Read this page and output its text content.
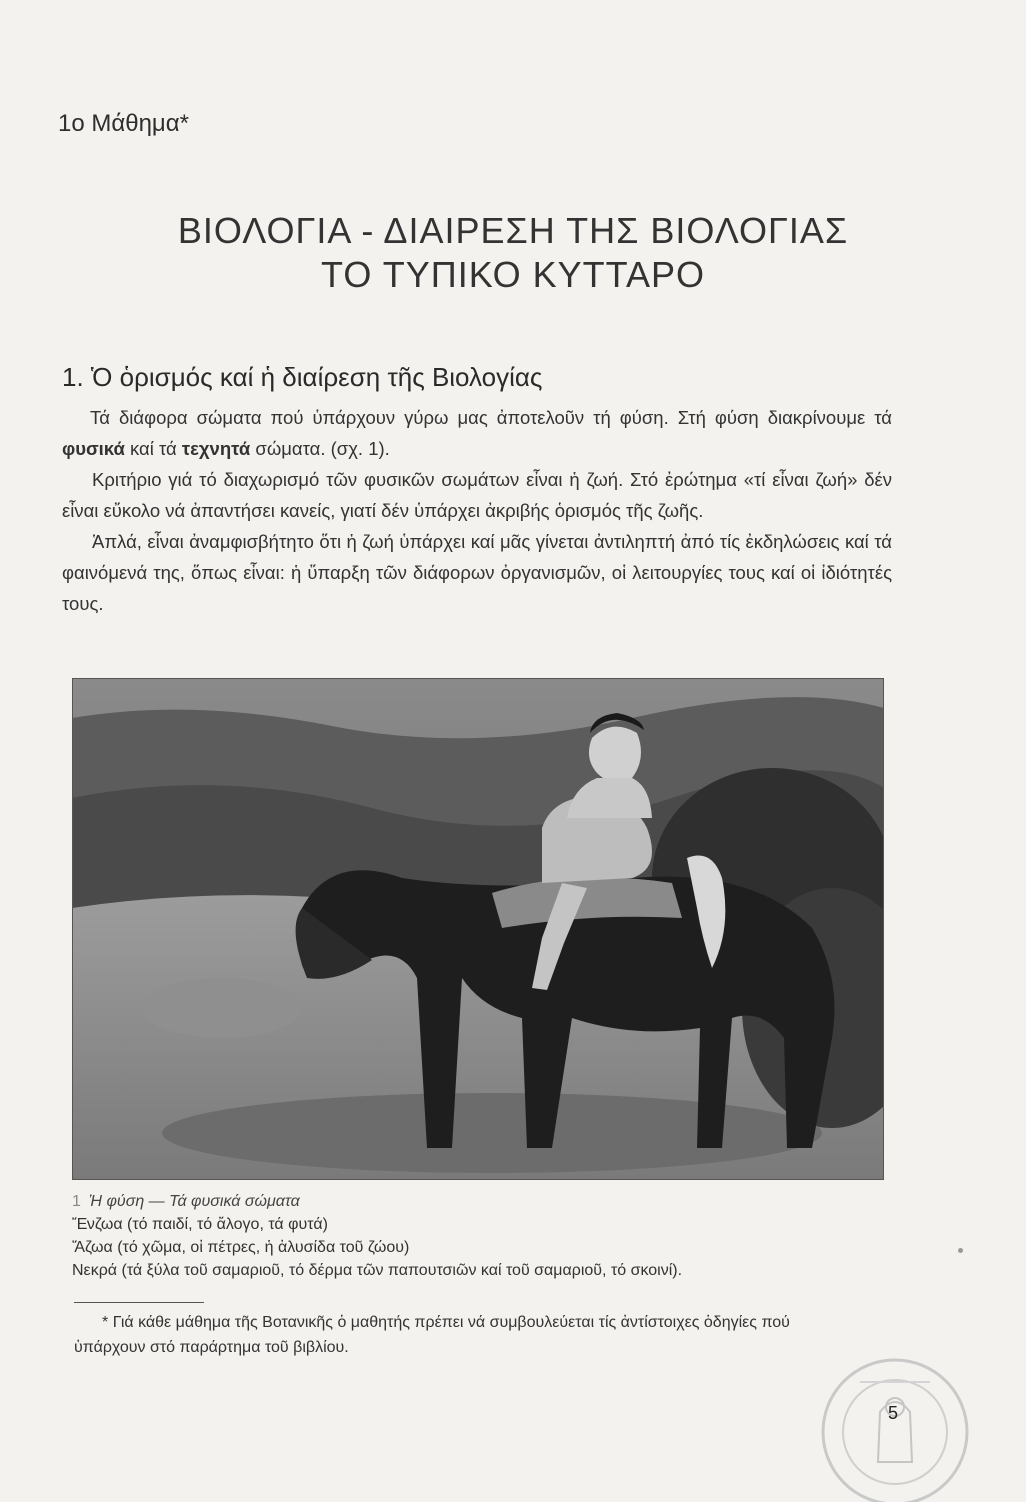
1ο Μάθημα*
ΒΙΟΛΟΓΙΑ - ΔΙΑΙΡΕΣΗ ΤΗΣ ΒΙΟΛΟΓΙΑΣ
ΤΟ ΤΥΠΙΚΟ ΚΥΤΤΑΡΟ
1. Ὁ ὁρισμός καί ἡ διαίρεση τῆς Βιολογίας

Τά διάφορα σώματα πού ὑπάρχουν γύρω μας ἀποτελοῦν τή φύση. Στή φύση διακρίνουμε τά φυσικά καί τά τεχνητά σώματα. (σχ. 1).

Κριτήριο γιά τό διαχωρισμό τῶν φυσικῶν σωμάτων εἶναι ἡ ζωή. Στό ἐρώτημα «τί εἶναι ζωή» δέν εἶναι εὔκολο νά ἀπαντήσει κανείς, γιατί δέν ὑπάρχει ἀκριβής ὁρισμός τῆς ζωῆς.

Ἁπλά, εἶναι ἀναμφισβήτητο ὅτι ἡ ζωή ὑπάρχει καί μᾶς γίνεται ἀντιληπτή ἀπό τίς ἐκδηλώσεις καί τά φαινόμενά της, ὅπως εἶναι: ἡ ὕπαρξη τῶν διάφορων ὀργανισμῶν, οἱ λειτουργίες τους καί οἱ ἰδιότητές τους.

1 Ἡ φύση — Τά φυσικά σώματα
Ἔνζωα (τό παιδί, τό ἄλογο, τά φυτά)
Ἄζωα (τό χῶμα, οἱ πέτρες, ἡ ἁλυσίδα τοῦ ζώου)
Νεκρά (τά ξύλα τοῦ σαμαριοῦ, τό δέρμα τῶν παπουτσιῶν καί τοῦ σαμαριοῦ, τό σκοινί).
* Γιά κάθε μάθημα τῆς Βοτανικῆς ὁ μαθητής πρέπει νά συμβουλεύεται τίς ἀντίστοιχες ὁδηγίες πού
ὑπάρχουν στό παράρτημα τοῦ βιβλίου.
5
